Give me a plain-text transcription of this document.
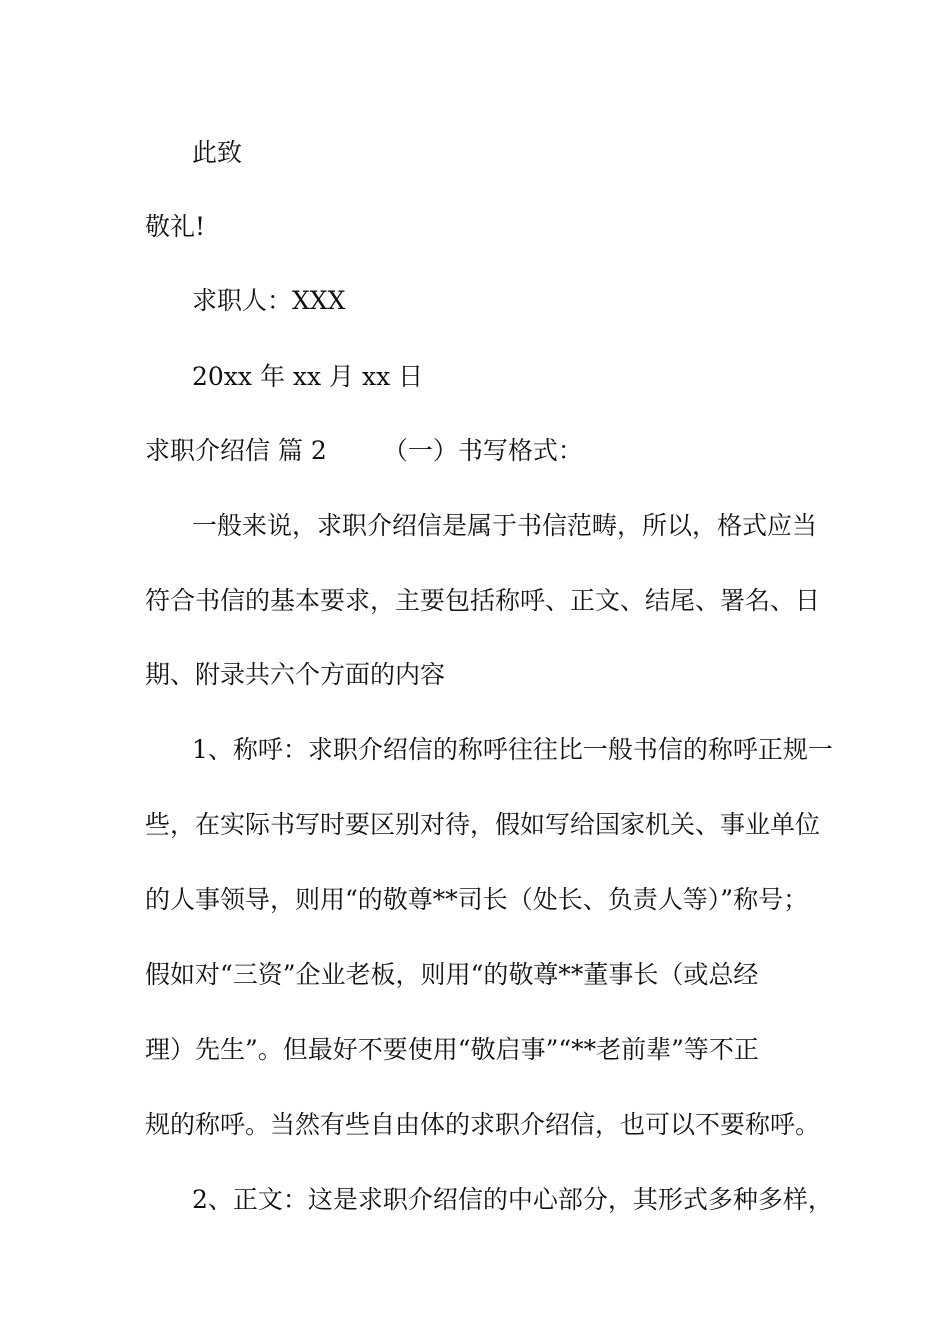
此致
敬礼!
求职人：XXX
20xx 年 xx 月 xx 日
求职介绍信 篇 2 （一）书写格式：
一般来说，求职介绍信是属于书信范畴，所以，格式应当
符合书信的基本要求，主要包括称呼、正文、结尾、署名、日
期、附录共六个方面的内容
1、称呼：求职介绍信的称呼往往比一般书信的称呼正规一
些，在实际书写时要区别对待，假如写给国家机关、事业单位
的人事领导，则用“的敬尊**司长（处长、负责人等）”称号；
假如对“三资”企业老板，则用“的敬尊**董事长（或总经
理）先生”。但最好不要使用“敬启事”“**老前辈”等不正
规的称呼。当然有些自由体的求职介绍信，也可以不要称呼。
2、正文：这是求职介绍信的中心部分，其形式多种多样，
